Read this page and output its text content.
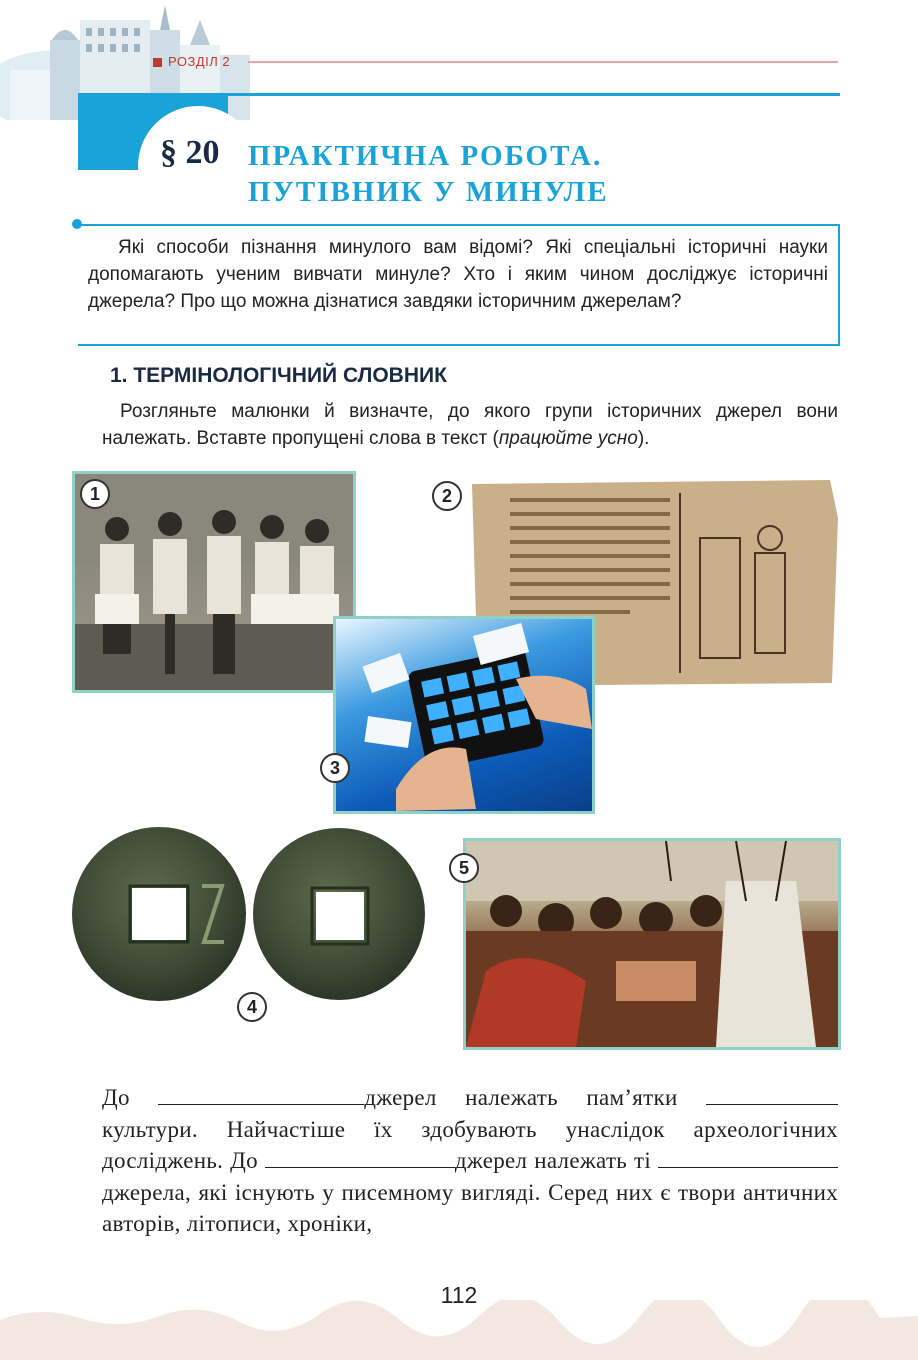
РОЗДІЛ 2
§ 20 ПРАКТИЧНА РОБОТА.
ПУТІВНИК У МИНУЛЕ
Які способи пізнання минулого вам відомі? Які спеціальні історичні науки допомагають ученим вивчати минуле? Хто і яким чином досліджує історичні джерела? Про що можна дізнатися завдяки історичним джерелам?
1. ТЕРМІНОЛОГІЧНИЙ СЛОВНИК
Розгляньте малюнки й визначте, до якого групи історичних джерел вони належать. Вставте пропущені слова в текст (працюйте усно).
1	2
3
4
5
До	джерел належать пам’ятки  культури. Найчастіше їх здобувають унаслідок археологічних досліджень. До	джерел належать ті  джерела, які існують у писемному вигляді. Серед них є твори античних авторів, літописи, хроніки,
112
